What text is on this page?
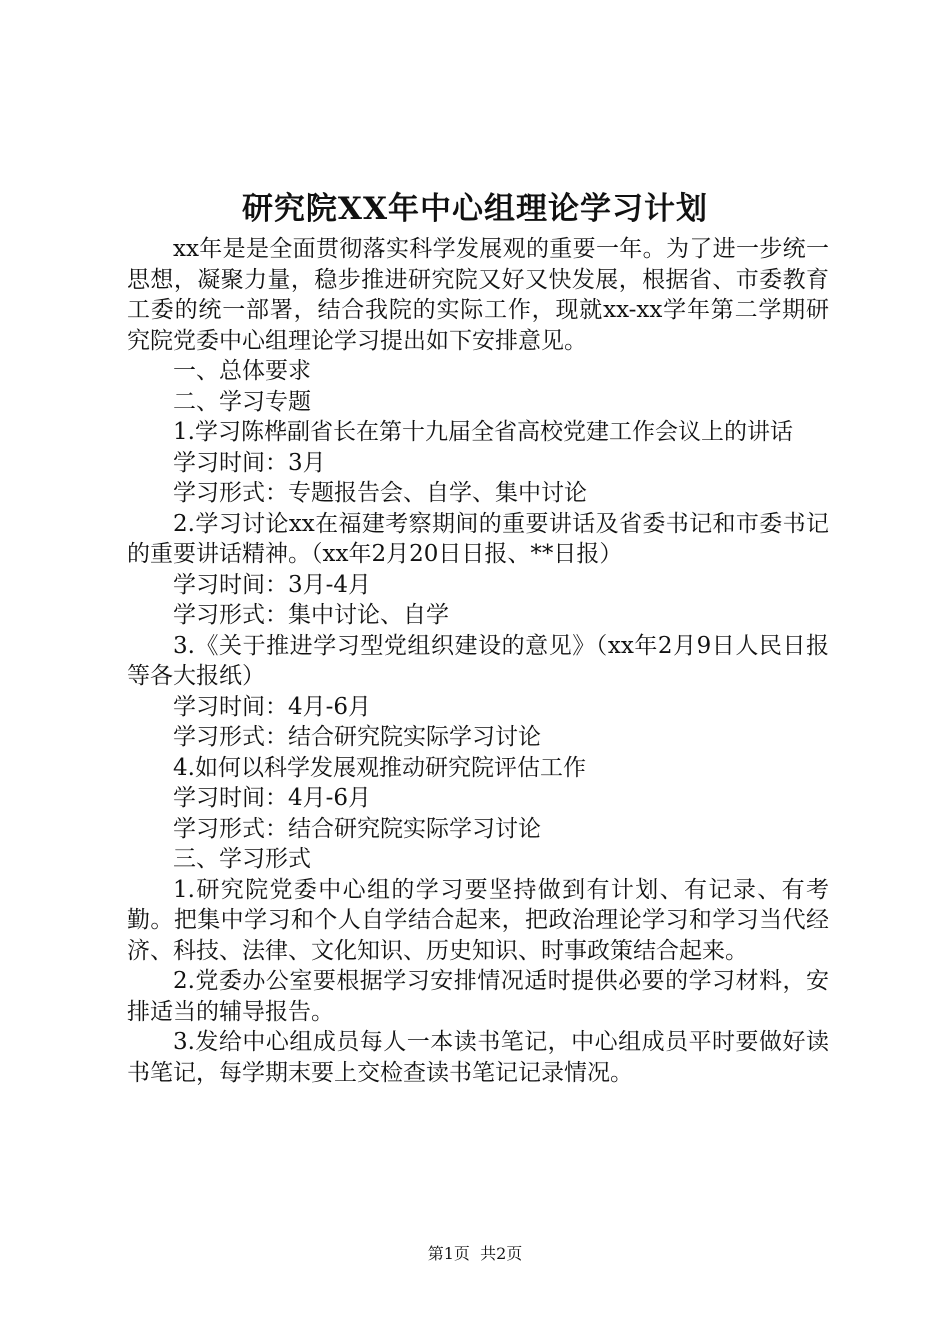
研究院XX年中心组理论学习计划

xx年是是全面贯彻落实科学发展观的重要一年。为了进一步统一思想，凝聚力量，稳步推进研究院又好又快发展，根据省、市委教育工委的统一部署，结合我院的实际工作，现就xx-xx学年第二学期研究院党委中心组理论学习提出如下安排意见。

一、总体要求

二、学习专题

1.学习陈桦副省长在第十九届全省高校党建工作会议上的讲话

学习时间：3月

学习形式：专题报告会、自学、集中讨论

2.学习讨论xx在福建考察期间的重要讲话及省委书记和市委书记的重要讲话精神。（xx年2月20日日报、**日报）

学习时间：3月-4月

学习形式：集中讨论、自学

3.《关于推进学习型党组织建设的意见》（xx年2月9日人民日报等各大报纸）

学习时间：4月-6月

学习形式：结合研究院实际学习讨论

4.如何以科学发展观推动研究院评估工作

学习时间：4月-6月

学习形式：结合研究院实际学习讨论

三、学习形式

1.研究院党委中心组的学习要坚持做到有计划、有记录、有考勤。把集中学习和个人自学结合起来，把政治理论学习和学习当代经济、科技、法律、文化知识、历史知识、时事政策结合起来。

2.党委办公室要根据学习安排情况适时提供必要的学习材料，安排适当的辅导报告。

3.发给中心组成员每人一本读书笔记，中心组成员平时要做好读书笔记，每学期末要上交检查读书笔记记录情况。

第1页 共2页
